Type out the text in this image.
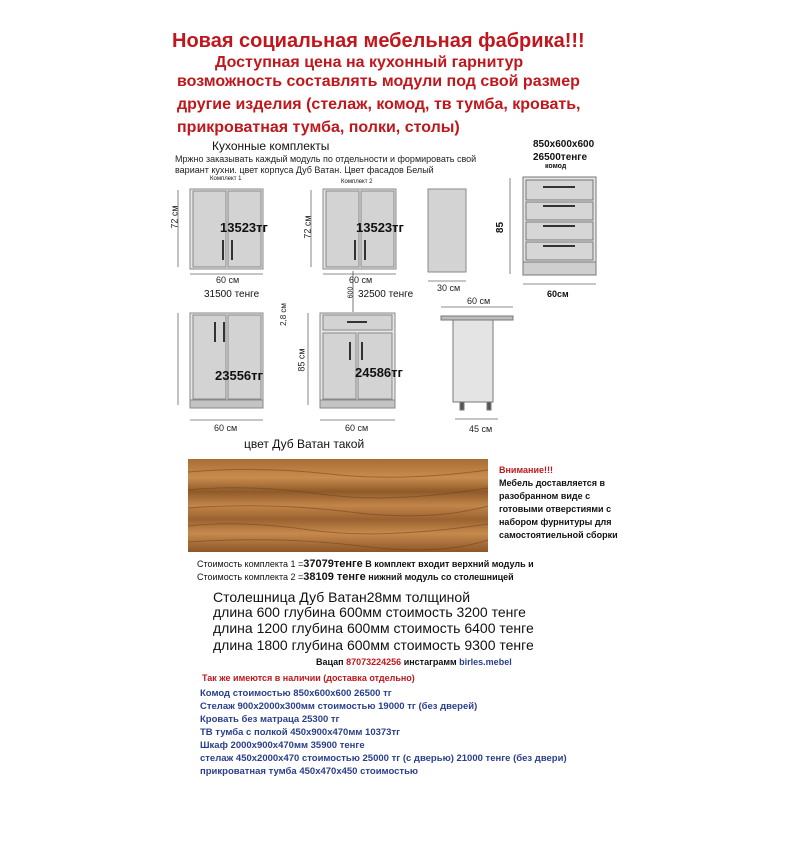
Новая социальная мебельная фабрика!!!
Доступная цена на кухонный гарнитур
возможность составлять модули под свой размер
другие изделия (стелаж, комод, тв тумба, кровать,
прикроватная тумба, полки, столы)
Кухонные комплекты
Мржно заказывать каждый модуль по отдельности и формировать свой
вариант кухни. цвет корпуса Дуб Ватан. Цвет фасадов Белый
Комплект 1	Комплект 2
850x600x600
26500тенге
комод
72 см
60 см
72 см
60 см
30 см
85
60см
2,8 см
85 см
60 см	60 см
60 см
45 см
600
13523тг	13523тг
31500 тенге	32500 тенге
23556тг	24586тг
цвет Дуб Ватан такой
Внимание!!!
Мебель доставляется в
разобранном виде с
готовыми отверстиями с
набором фурнитуры для
самостоятиельной сборки
Стоимость комплекта 1 =37079тенге В комплект входит верхний модуль и
Стоимость комплекта 2 =38109 тенге нижний модуль со столешницей
Столешница Дуб Ватан28мм толщиной
длина 600 глубина 600мм стоимость 3200 тенге
длина 1200 глубина 600мм стоимость 6400 тенге
длина 1800 глубина 600мм стоимость 9300 тенге
Вацап 87073224256 инстаграмм birles.mebel
Так же имеются в наличии (доставка отдельно)
Комод стоимостью 850х600х600 26500 тг
Стелаж 900х2000х300мм стоимостью 19000 тг (без дверей)
Кровать без матраца 25300 тг
ТВ тумба с полкой 450х900х470мм 10373тг
Шкаф 2000х900х470мм 35900 тенге
стелаж 450х2000х470 стоимостью 25000 тг (с дверью) 21000 тенге (без двери)
прикроватная тумба 450х470х450 стоимостью
